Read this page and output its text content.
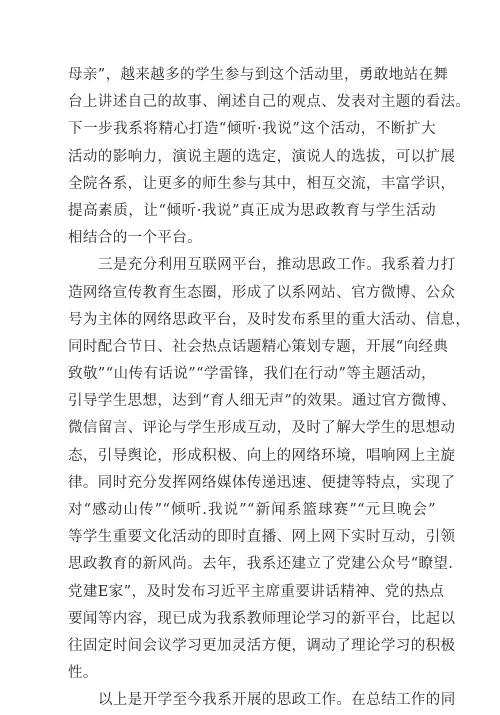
母亲”，越来越多的学生参与到这个活动里，勇敢地站在舞
台上讲述自己的故事、阐述自己的观点、发表对主题的看法。
下一步我系将精心打造“倾听·我说”这个活动，不断扩大
活动的影响力，演说主题的选定，演说人的选拔，可以扩展
全院各系，让更多的师生参与其中，相互交流，丰富学识，
提高素质，让“倾听·我说”真正成为思政教育与学生活动
相结合的一个平台。
三是充分利用互联网平台，推动思政工作。我系着力打
造网络宣传教育生态圈，形成了以系网站、官方微博、公众
号为主体的网络思政平台，及时发布系里的重大活动、信息，
同时配合节日、社会热点话题精心策划专题，开展“向经典
致敬”“山传有话说”“学雷锋，我们在行动”等主题活动，
引导学生思想，达到“育人细无声”的效果。通过官方微博、
微信留言、评论与学生形成互动，及时了解大学生的思想动
态，引导舆论，形成积极、向上的网络环境，唱响网上主旋
律。同时充分发挥网络媒体传递迅速、便捷等特点，实现了
对“感动山传”“倾听.我说”“新闻系篮球赛”“元旦晚会”
等学生重要文化活动的即时直播、网上网下实时互动，引领
思政教育的新风尚。去年，我系还建立了党建公众号“瞭望.
党建E家”，及时发布习近平主席重要讲话精神、党的热点
要闻等内容，现已成为我系教师理论学习的新平台，比起以
往固定时间会议学习更加灵活方便，调动了理论学习的积极
性。
以上是开学至今我系开展的思政工作。在总结工作的同
